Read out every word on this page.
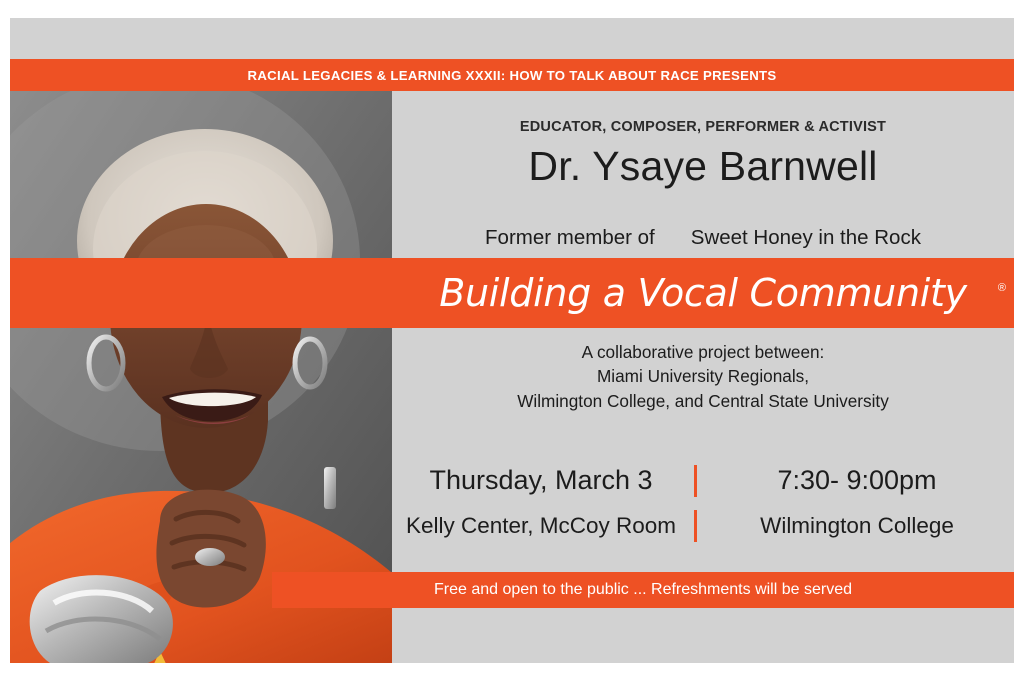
RACIAL LEGACIES & LEARNING XXXII: HOW TO TALK ABOUT RACE PRESENTS
EDUCATOR, COMPOSER, PERFORMER & ACTIVIST
Dr. Ysaye Barnwell
Former member of Sweet Honey in the Rock
Building a Vocal Community	®
A collaborative project between:
Miami University Regionals,
Wilmington College, and Central State University
Thursday, March 3	7:30- 9:00pm
Kelly Center, McCoy Room	Wilmington College
Free and open to the public ... Refreshments will be served
